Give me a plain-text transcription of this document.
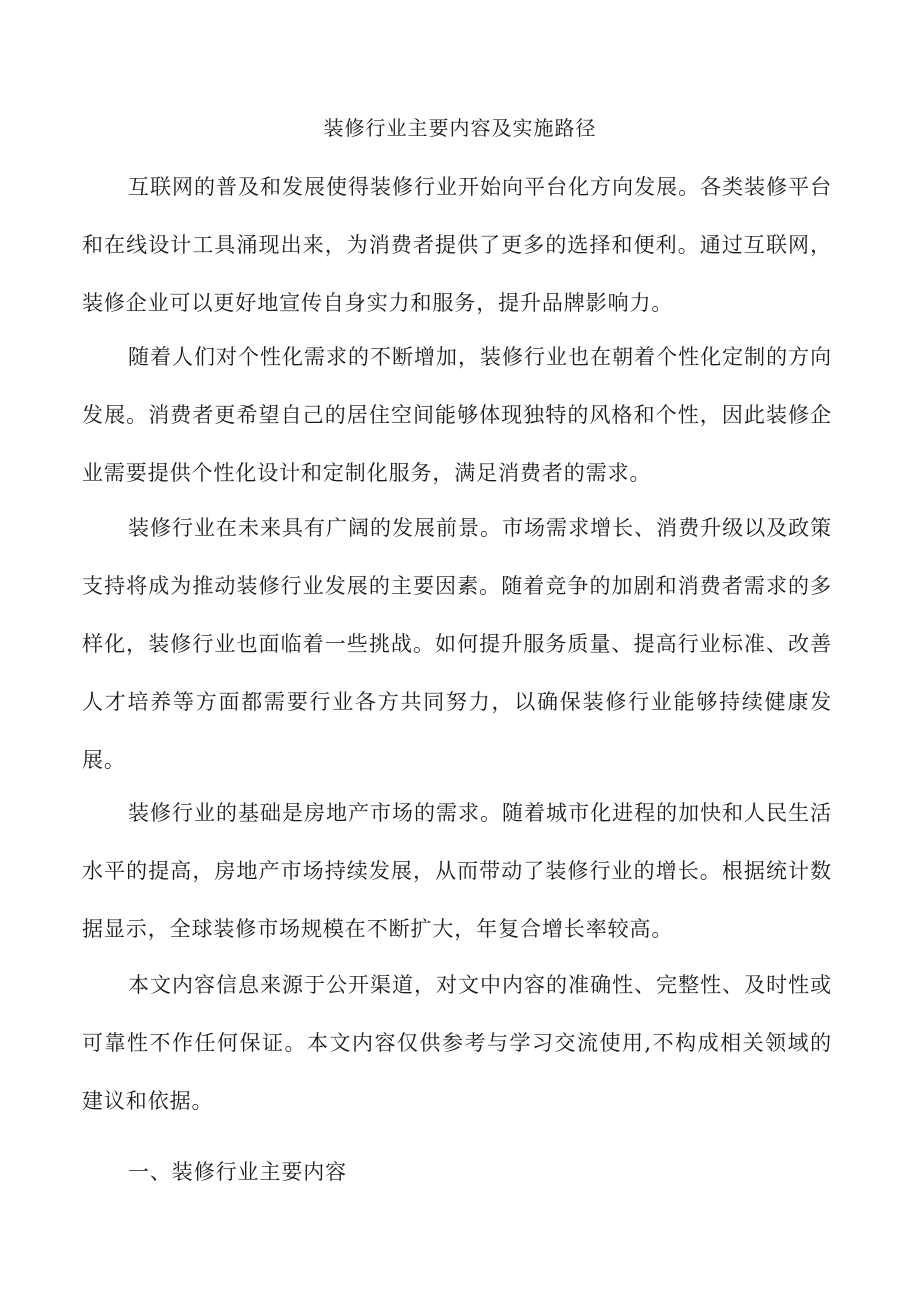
装修行业主要内容及实施路径

互联网的普及和发展使得装修行业开始向平台化方向发展。各类装修平台和在线设计工具涌现出来，为消费者提供了更多的选择和便利。通过互联网，装修企业可以更好地宣传自身实力和服务，提升品牌影响力。

随着人们对个性化需求的不断增加，装修行业也在朝着个性化定制的方向发展。消费者更希望自己的居住空间能够体现独特的风格和个性，因此装修企业需要提供个性化设计和定制化服务，满足消费者的需求。

装修行业在未来具有广阔的发展前景。市场需求增长、消费升级以及政策支持将成为推动装修行业发展的主要因素。随着竞争的加剧和消费者需求的多样化，装修行业也面临着一些挑战。如何提升服务质量、提高行业标准、改善人才培养等方面都需要行业各方共同努力，以确保装修行业能够持续健康发展。

装修行业的基础是房地产市场的需求。随着城市化进程的加快和人民生活水平的提高，房地产市场持续发展，从而带动了装修行业的增长。根据统计数据显示，全球装修市场规模在不断扩大，年复合增长率较高。

本文内容信息来源于公开渠道，对文中内容的准确性、完整性、及时性或可靠性不作任何保证。本文内容仅供参考与学习交流使用,不构成相关领域的建议和依据。

一、装修行业主要内容
